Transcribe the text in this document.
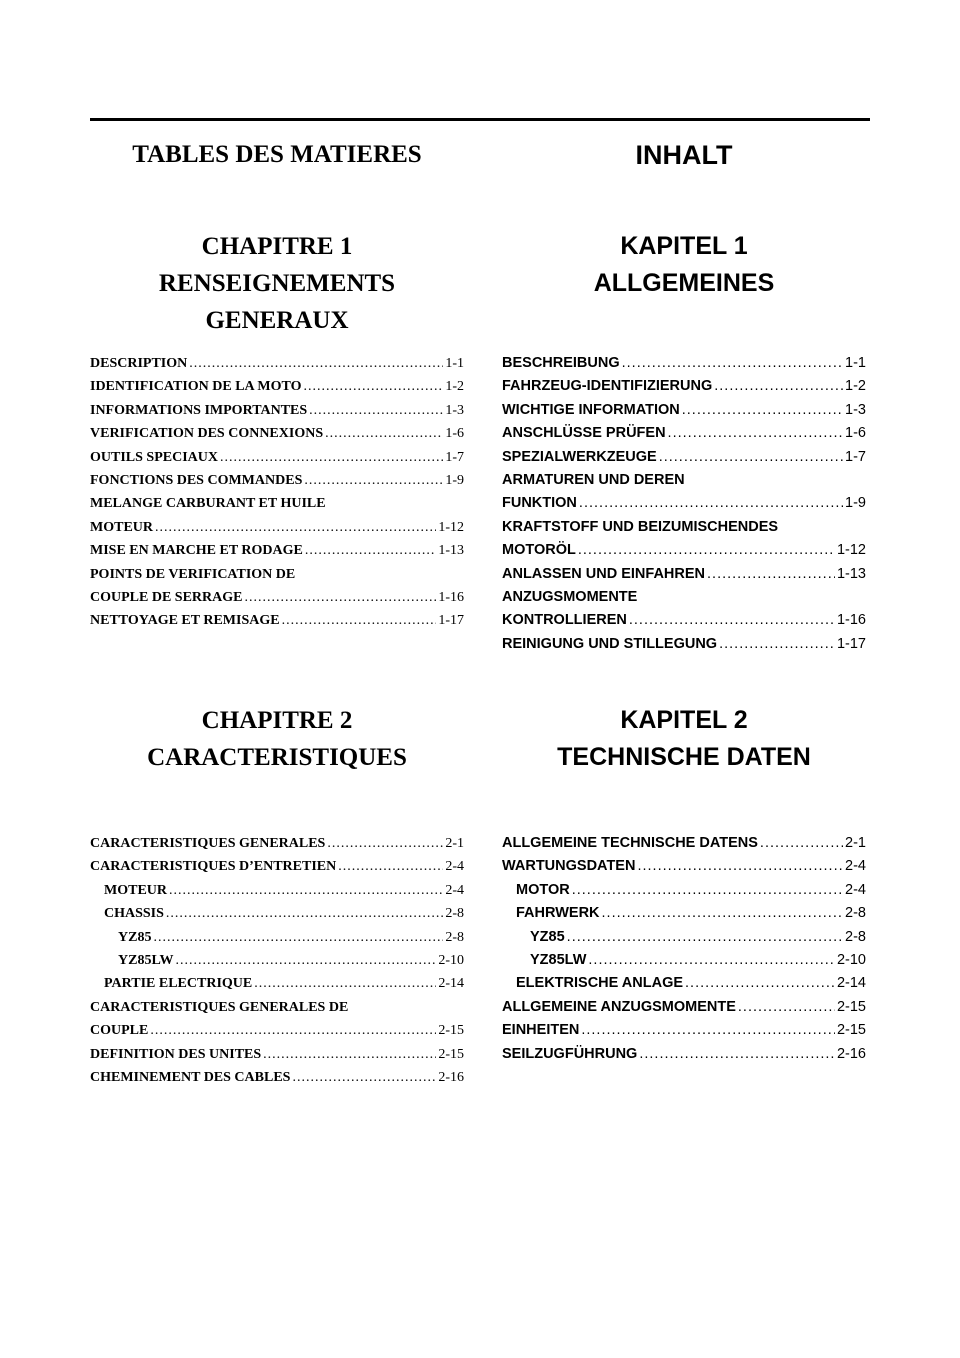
TABLES DES MATIERES
CHAPITRE 1
RENSEIGNEMENTS
GENERAUX
DESCRIPTION .....	1-1
IDENTIFICATION DE LA MOTO .....	1-2
INFORMATIONS IMPORTANTES .....	1-3
VERIFICATION DES CONNEXIONS .....	1-6
OUTILS SPECIAUX .....	1-7
FONCTIONS DES COMMANDES .....	1-9
MELANGE CARBURANT ET HUILE
MOTEUR .....	1-12
MISE EN MARCHE ET RODAGE .....	1-13
POINTS DE VERIFICATION DE
COUPLE DE SERRAGE .....	1-16
NETTOYAGE ET REMISAGE .....	1-17
CHAPITRE 2
CARACTERISTIQUES
CARACTERISTIQUES GENERALES .....	2-1
CARACTERISTIQUES D’ENTRETIEN .....	2-4
MOTEUR .....	2-4
CHASSIS .....	2-8
YZ85 .....	2-8
YZ85LW .....	2-10
PARTIE ELECTRIQUE .....	2-14
CARACTERISTIQUES GENERALES DE
COUPLE .....	2-15
DEFINITION DES UNITES .....	2-15
CHEMINEMENT DES CABLES .....	2-16
INHALT
KAPITEL 1
ALLGEMEINES
BESCHREIBUNG .....	1-1
FAHRZEUG-IDENTIFIZIERUNG .....	1-2
WICHTIGE INFORMATION .....	1-3
ANSCHLÜSSE PRÜFEN .....	1-6
SPEZIALWERKZEUGE .....	1-7
ARMATUREN UND DEREN
FUNKTION .....	1-9
KRAFTSTOFF UND BEIZUMISCHENDES
MOTORÖL .....	1-12
ANLASSEN UND EINFAHREN .....	1-13
ANZUGSMOMENTE
KONTROLLIEREN .....	1-16
REINIGUNG UND STILLEGUNG .....	1-17
KAPITEL 2
TECHNISCHE DATEN
ALLGEMEINE TECHNISCHE DATENS .....	2-1
WARTUNGSDATEN .....	2-4
MOTOR .....	2-4
FAHRWERK .....	2-8
YZ85 .....	2-8
YZ85LW .....	2-10
ELEKTRISCHE ANLAGE .....	2-14
ALLGEMEINE ANZUGSMOMENTE .....	2-15
EINHEITEN .....	2-15
SEILZUGFÜHRUNG .....	2-16
